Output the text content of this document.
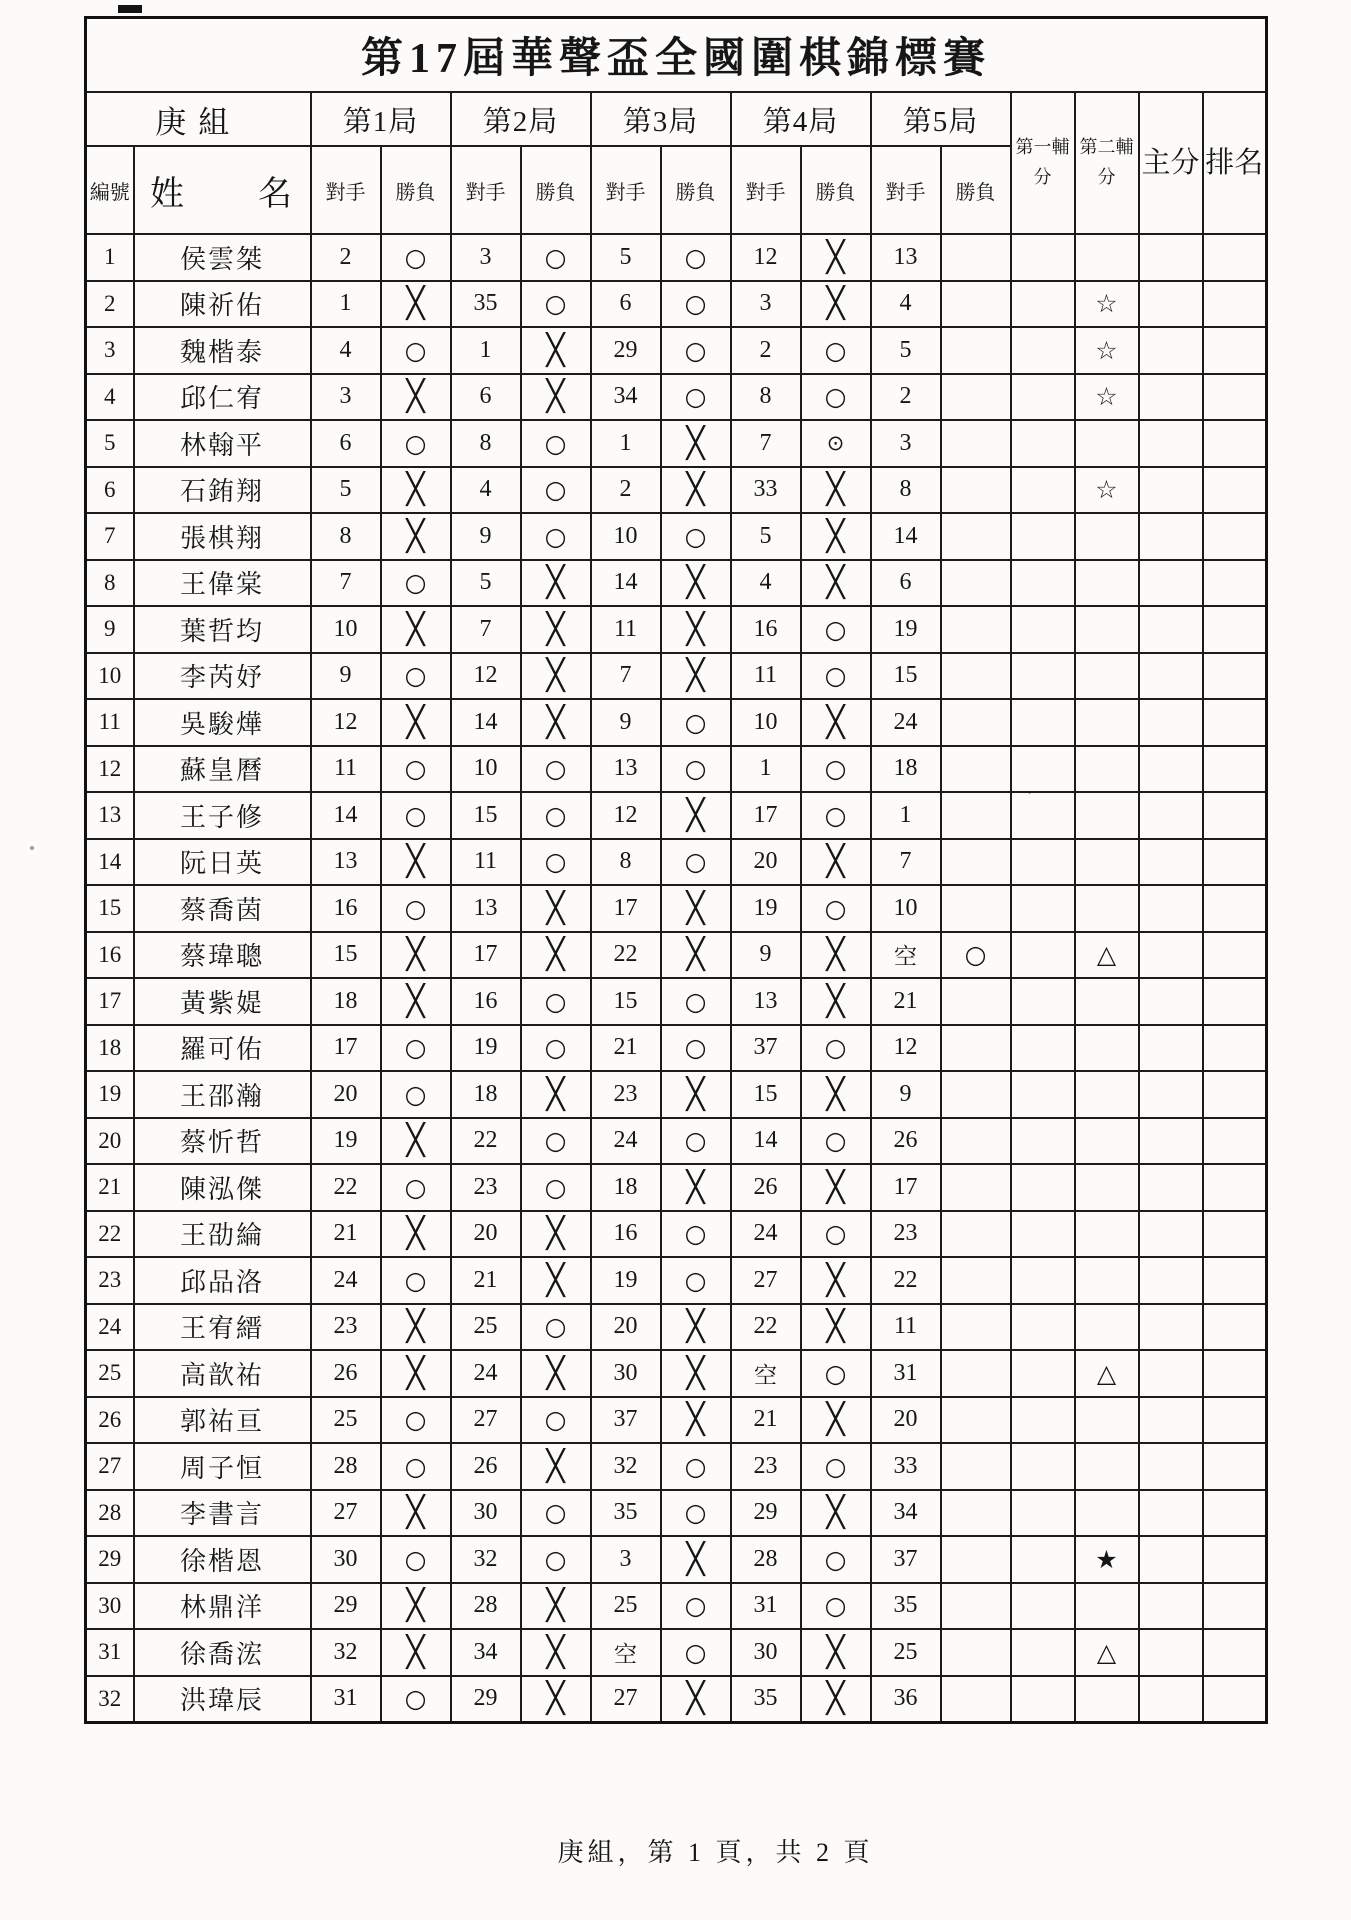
第17屆華聲盃全國圍棋錦標賽															
庚組		第1局		第2局		第3局		第4局		第5局		第一輔分	第二輔分	主分	排名
編號	姓　　名	對手	勝負	對手	勝負	對手	勝負	對手	勝負	對手	勝負				
1	侯雲桀	2	○	3	○	5	○	12	╳	13					
2	陳祈佑	1	╳	35	○	6	○	3	╳	4			☆		
3	魏楷泰	4	○	1	╳	29	○	2	○	5			☆		
4	邱仁宥	3	╳	6	╳	34	○	8	○	2			☆		
5	林翰平	6	○	8	○	1	╳	7	⊙	3					
6	石銪翔	5	╳	4	○	2	╳	33	╳	8			☆		
7	張棋翔	8	╳	9	○	10	○	5	╳	14					
8	王偉棠	7	○	5	╳	14	╳	4	╳	6					
9	葉哲均	10	╳	7	╳	11	╳	16	○	19					
10	李芮妤	9	○	12	╳	7	╳	11	○	15					
11	吳駿燁	12	╳	14	╳	9	○	10	╳	24					
12	蘇皇曆	11	○	10	○	13	○	1	○	18					
13	王子修	14	○	15	○	12	╳	17	○	1					
14	阮日英	13	╳	11	○	8	○	20	╳	7					
15	蔡喬茵	16	○	13	╳	17	╳	19	○	10					
16	蔡瑋聰	15	╳	17	╳	22	╳	9	╳	空	○		△		
17	黃紫媞	18	╳	16	○	15	○	13	╳	21					
18	羅可佑	17	○	19	○	21	○	37	○	12					
19	王邵瀚	20	○	18	╳	23	╳	15	╳	9					
20	蔡忻哲	19	╳	22	○	24	○	14	○	26					
21	陳泓傑	22	○	23	○	18	╳	26	╳	17					
22	王劭綸	21	╳	20	╳	16	○	24	○	23					
23	邱品洛	24	○	21	╳	19	○	27	╳	22					
24	王宥縉	23	╳	25	○	20	╳	22	╳	11					
25	高歆祐	26	╳	24	╳	30	╳	空	○	31			△		
26	郭祐亘	25	○	27	○	37	╳	21	╳	20					
27	周子恒	28	○	26	╳	32	○	23	○	33					
28	李書言	27	╳	30	○	35	○	29	╳	34					
29	徐楷恩	30	○	32	○	3	╳	28	○	37			★		
30	林鼎洋	29	╳	28	╳	25	○	31	○	35					
31	徐喬浤	32	╳	34	╳	空	○	30	╳	25			△		
32	洪瑋辰	31	○	29	╳	27	╳	35	╳	36					
庚組，第 1 頁，共 2 頁
